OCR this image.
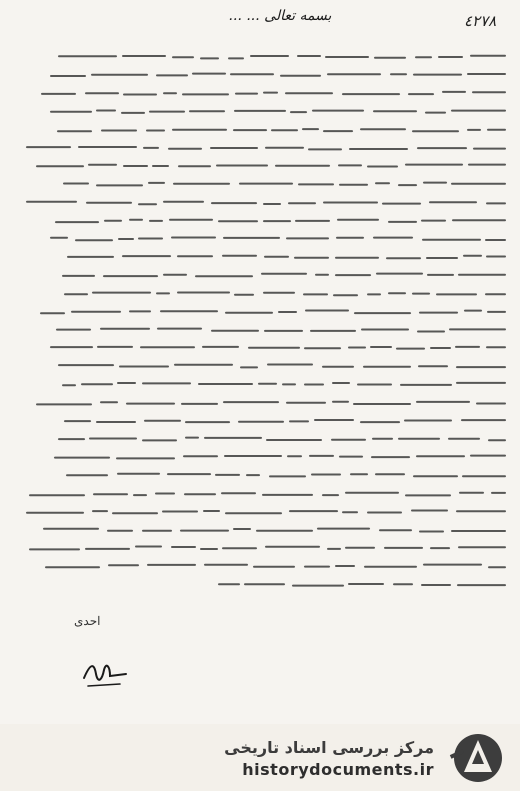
٤٢٧٨
بسمه تعالی ... ...
احدی
مرکز بررسی اسناد تاریخی
historydocuments.ir
